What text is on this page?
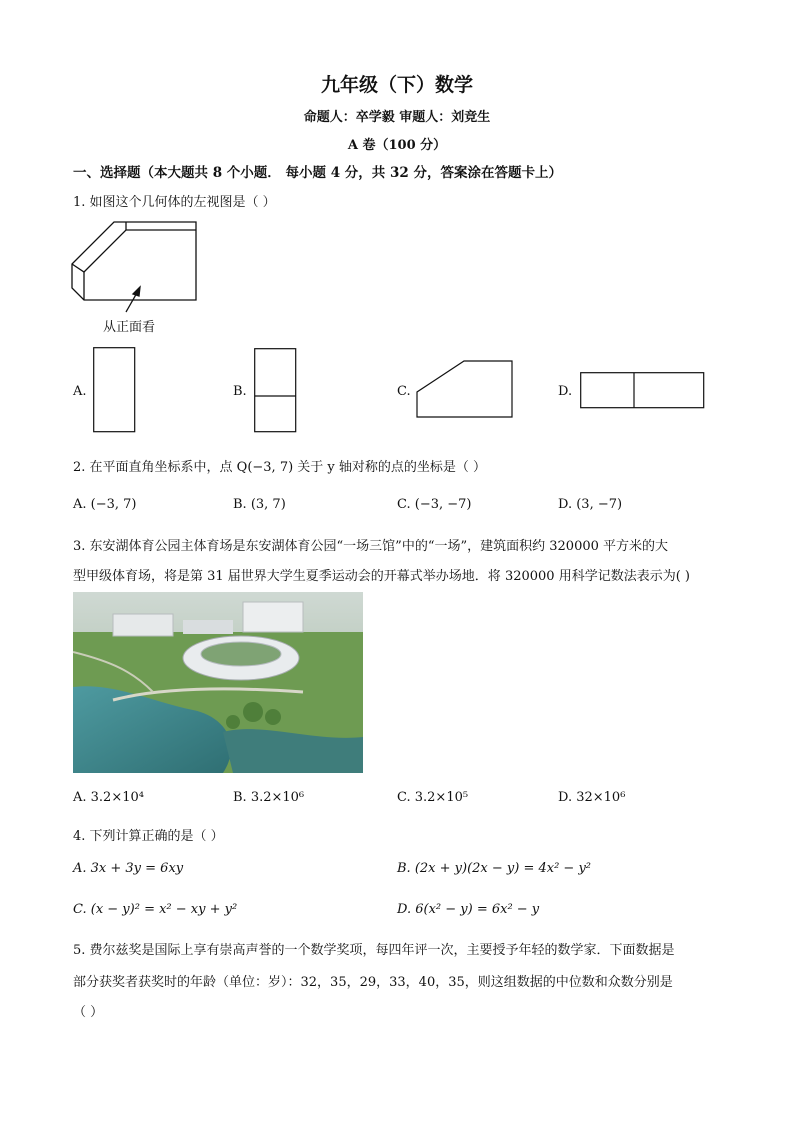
九年级（下）数学
命题人：卒学毅 审题人：刘竞生
A 卷（100 分）
一、选择题（本大题共 8 个小题． 每小题 4 分，共 32 分，答案涂在答题卡上）
1. 如图这个几何体的左视图是（ ）
从正面看
A.	B.	C.	D.
2. 在平面直角坐标系中，点 Q(−3, 7) 关于 y 轴对称的点的坐标是（ ）
A. (−3, 7)	B. (3, 7)	C. (−3, −7)	D. (3, −7)
3. 东安湖体育公园主体育场是东安湖体育公园“一场三馆”中的“一场”，建筑面积约 320000 平方米的大
型甲级体育场，将是第 31 届世界大学生夏季运动会的开幕式举办场地．将 320000 用科学记数法表示为( )
A. 3.2×10⁴	B. 3.2×10⁶	C. 3.2×10⁵	D. 32×10⁶
4. 下列计算正确的是（ ）
A. 3x + 3y = 6xy	B. (2x + y)(2x − y) = 4x² − y²
C. (x − y)² = x² − xy + y²	D. 6(x² − y) = 6x² − y
5. 费尔兹奖是国际上享有崇高声誉的一个数学奖项，每四年评一次，主要授予年轻的数学家．下面数据是
部分获奖者获奖时的年龄（单位：岁）：32，35，29，33，40，35，则这组数据的中位数和众数分别是
（ ）
